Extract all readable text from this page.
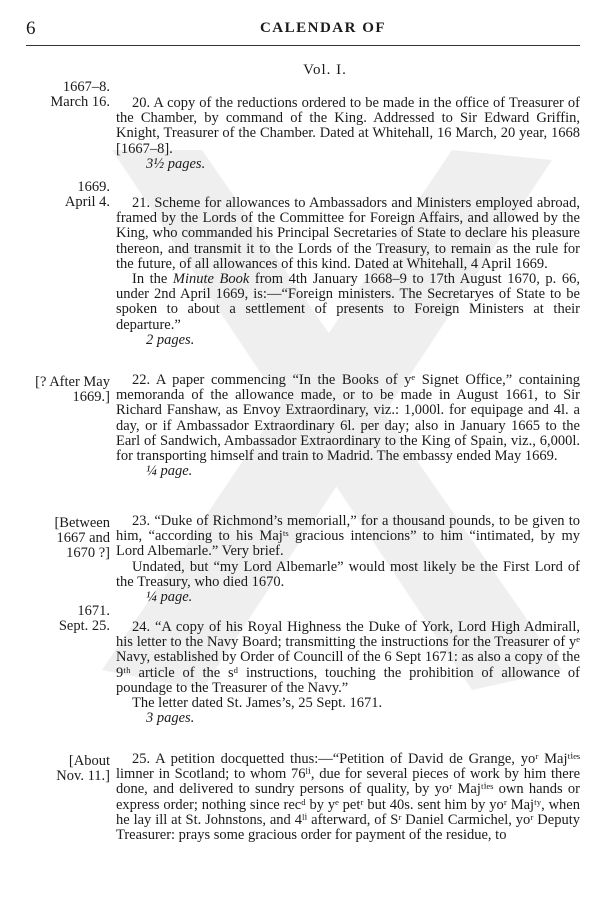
6	CALENDAR OF
Vol. I.
1667–8.
March 16.	20. A copy of the reductions ordered to be made in the office of Treasurer of the Chamber, by command of the King. Addressed to Sir Edward Griffin, Knight, Treasurer of the Chamber. Dated at Whitehall, 16 March, 20 year, 1668 [1667–8].

3½ pages.
1669.
April 4.	21. Scheme for allowances to Ambassadors and Ministers employed abroad, framed by the Lords of the Committee for Foreign Affairs, and allowed by the King, who commanded his Principal Secretaries of State to declare his pleasure thereon, and transmit it to the Lords of the Treasury, to remain as the rule for the future, of all allowances of this kind. Dated at Whitehall, 4 April 1669.

In the Minute Book from 4th January 1668–9 to 17th August 1670, p. 66, under 2nd April 1669, is:—“Foreign ministers. The Secretaryes of State to be spoken to about a settlement of presents to Foreign Ministers at their departure.”

2 pages.
[? After May
1669.]

22. A paper commencing “In the Books of yᵉ Signet Office,” containing memoranda of the allowance made, or to be made in August 1661, to Sir Richard Fanshaw, as Envoy Extraordinary, viz.: 1,000l. for equipage and 4l. a day, or if Ambassador Extraordinary 6l. per day; also in January 1665 to the Earl of Sandwich, Ambassador Extraordinary to the King of Spain, viz., 6,000l. for transporting himself and train to Madrid. The embassy ended May 1669.

¼ page.
[Between
1667 and
1670 ?]

23. “Duke of Richmond’s memoriall,” for a thousand pounds, to be given to him, “according to his Majᵗˢ gracious intencions” to him “intimated, by my Lord Albemarle.” Very brief.

Undated, but “my Lord Albemarle” would most likely be the First Lord of the Treasury, who died 1670.

¼ page.
1671.
Sept. 25.	24. “A copy of his Royal Highness the Duke of York, Lord High Admirall, his letter to the Navy Board; transmitting the instructions for the Treasurer of yᵉ Navy, established by Order of Councill of the 6 Sept 1671: as also a copy of the 9ᵗʰ article of the sᵈ instructions, touching the prohibition of allowance of poundage to the Treasurer of the Navy.”

The letter dated St. James’s, 25 Sept. 1671.

3 pages.
[About
Nov. 11.]

25. A petition docquetted thus:—“Petition of David de Grange, yoʳ Majᵗⁱᵉˢ limner in Scotland; to whom 76ˡⁱ, due for several pieces of work by him there done, and delivered to sundry persons of quality, by yoʳ Majᵗⁱᵉˢ own hands or express order; nothing since recᵈ by yᵉ petʳ but 40s. sent him by yoʳ Majᵗʸ, when he lay ill at St. Johnstons, and 4ˡⁱ afterward, of Sʳ Daniel Carmichel, yoʳ Deputy Treasurer: prays some gracious order for payment of the residue, to
